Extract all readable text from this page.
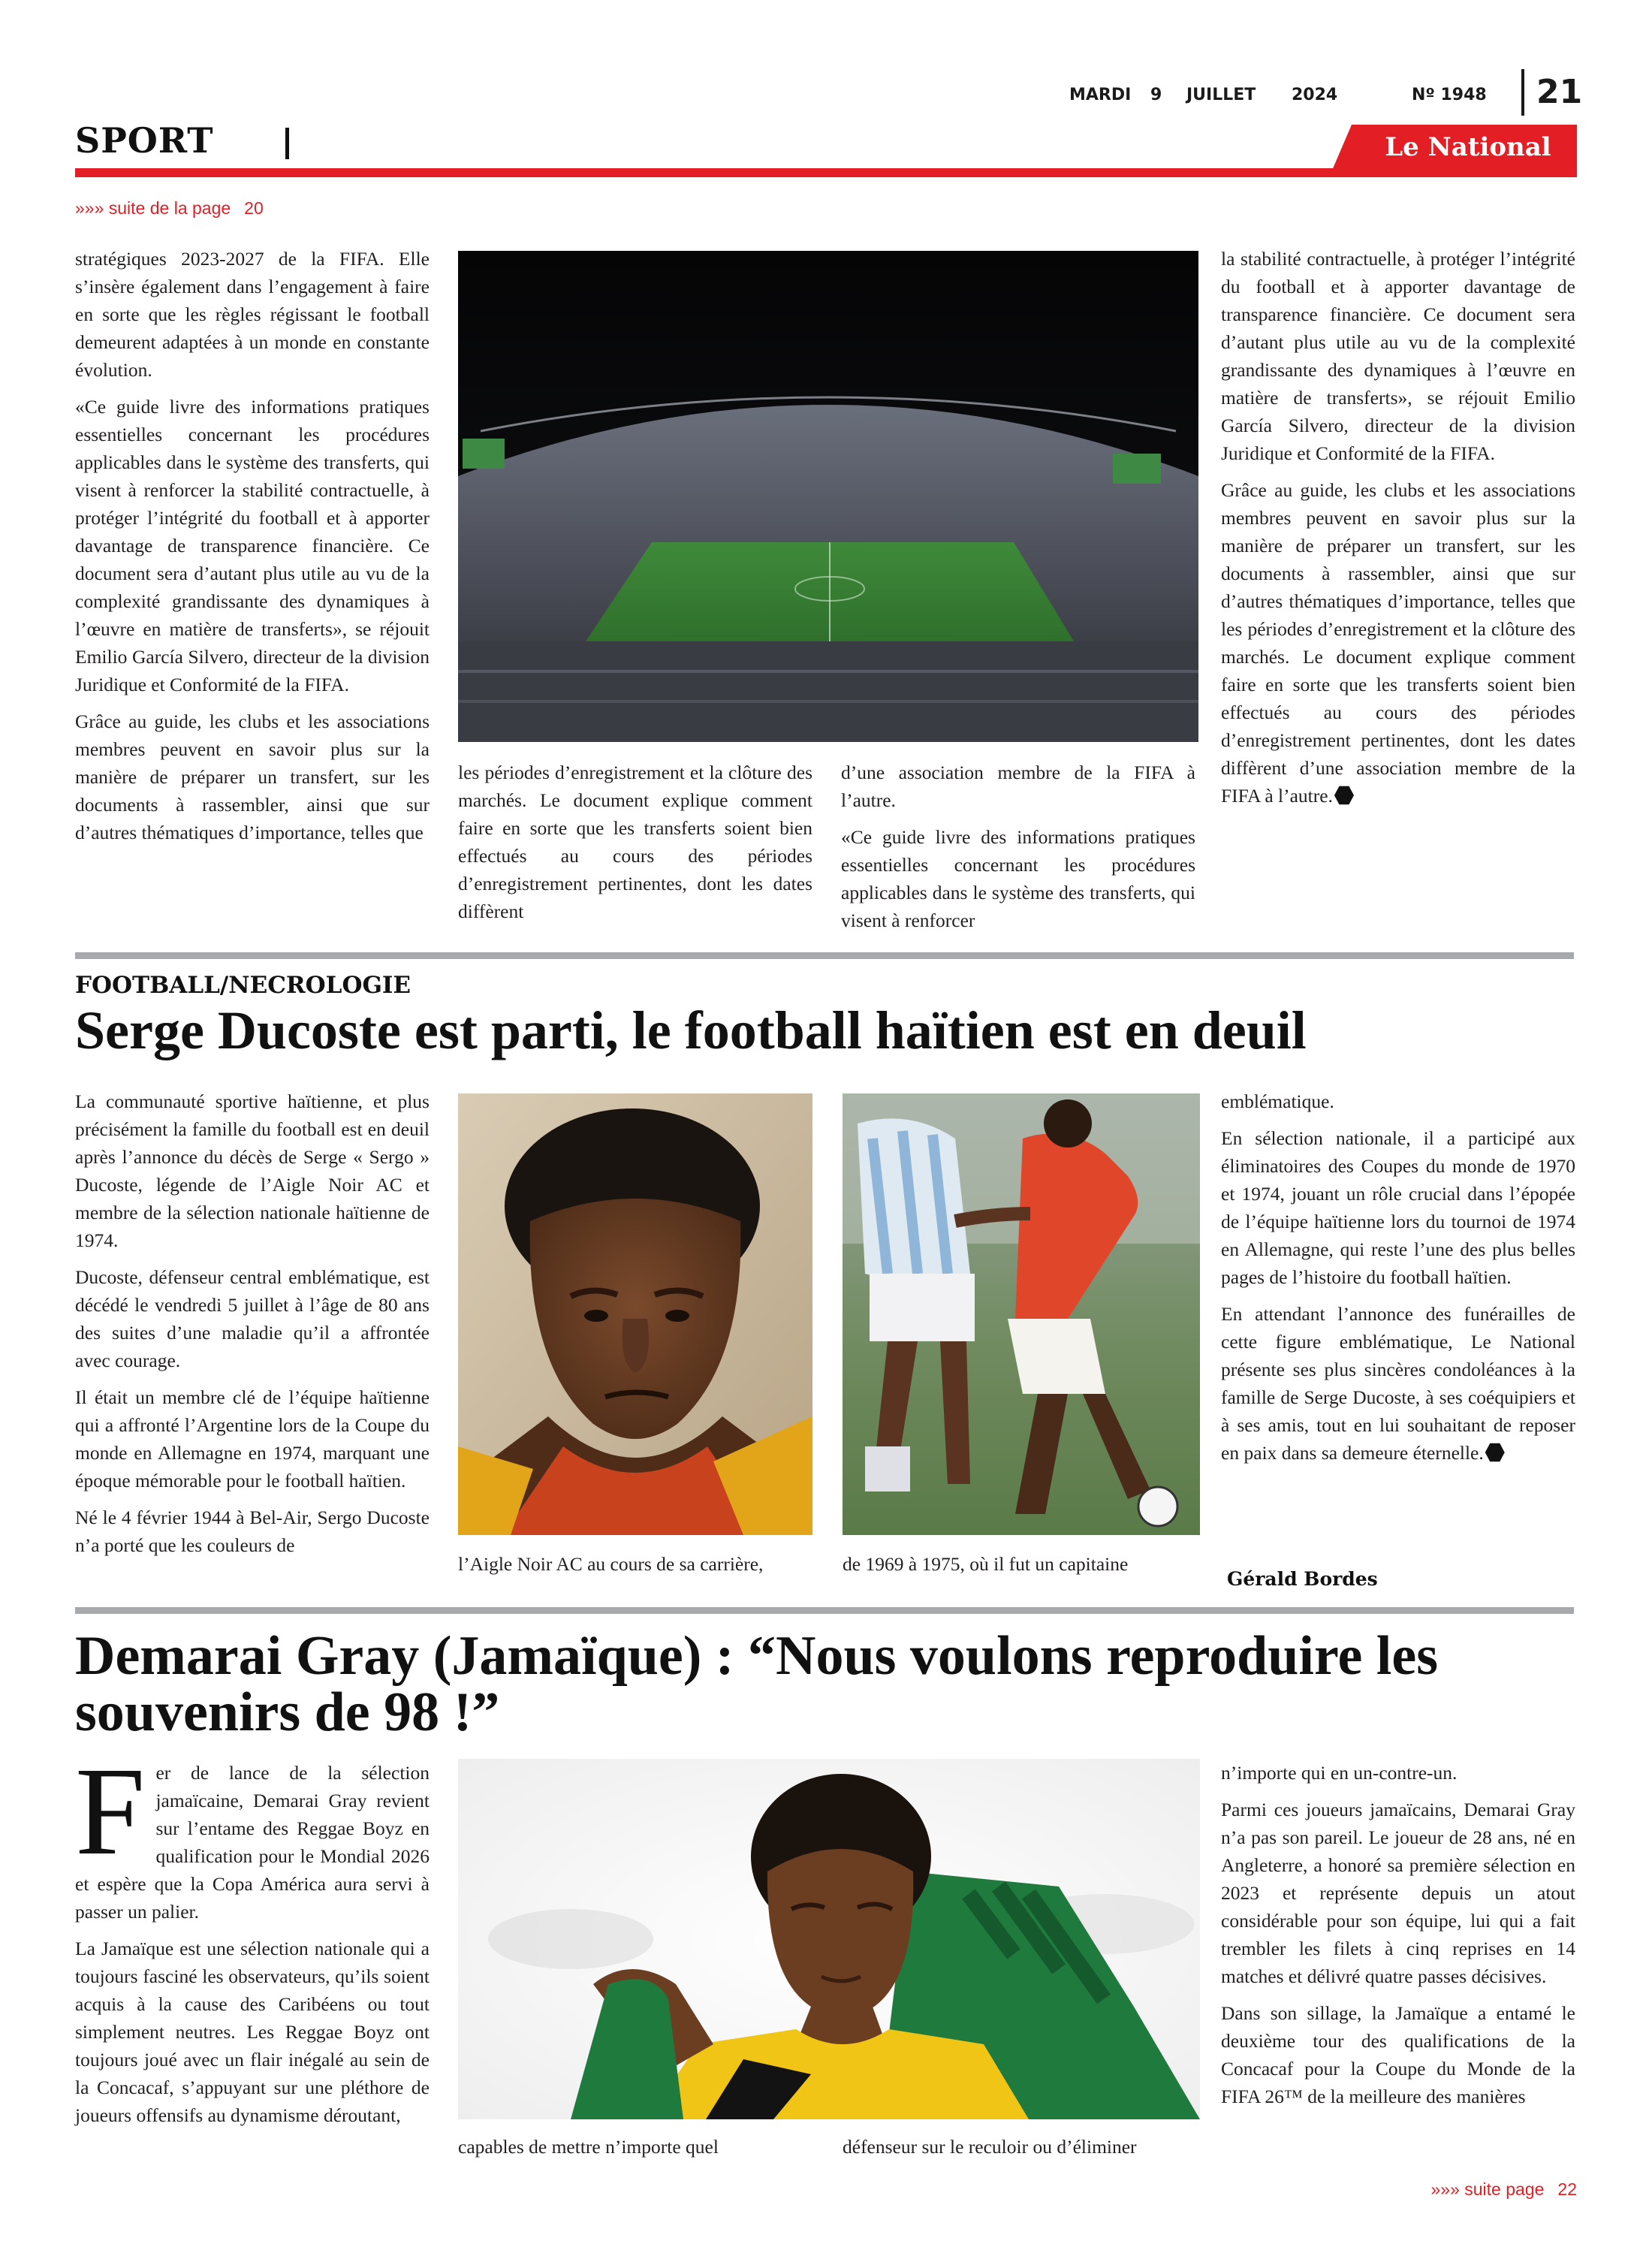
MARDI 9 JUILLET 2024	Nº 1948	21
SPORT	Le National
»»» suite de la page 20

stratégiques 2023-2027 de la FIFA. Elle s’insère également dans l’engagement à faire en sorte que les règles régissant le football demeurent adaptées à un monde en constante évolution.

«Ce guide livre des informations pratiques essentielles concernant les procédures applicables dans le système des transferts, qui visent à renforcer la stabilité contractuelle, à protéger l’intégrité du football et à apporter davantage de transparence financière. Ce document sera d’autant plus utile au vu de la complexité grandissante des dynamiques à l’œuvre en matière de transferts», se réjouit Emilio García Silvero, directeur de la division Juridique et Conformité de la FIFA.

Grâce au guide, les clubs et les associations membres peuvent en savoir plus sur la manière de préparer un transfert, sur les documents à rassembler, ainsi que sur d’autres thématiques d’importance, telles que

les périodes d’enregistrement et la clôture des marchés. Le document explique comment faire en sorte que les transferts soient bien effectués au cours des périodes d’enregistrement pertinentes, dont les dates diffèrent

d’une association membre de la FIFA à l’autre.

«Ce guide livre des informations pratiques essentielles concernant les procédures applicables dans le système des transferts, qui visent à renforcer

la stabilité contractuelle, à protéger l’intégrité du football et à apporter davantage de transparence financière. Ce document sera d’autant plus utile au vu de la complexité grandissante des dynamiques à l’œuvre en matière de transferts», se réjouit Emilio García Silvero, directeur de la division Juridique et Conformité de la FIFA.

Grâce au guide, les clubs et les associations membres peuvent en savoir plus sur la manière de préparer un transfert, sur les documents à rassembler, ainsi que sur d’autres thématiques d’importance, telles que les périodes d’enregistrement et la clôture des marchés. Le document explique comment faire en sorte que les transferts soient bien effectués au cours des périodes d’enregistrement pertinentes, dont les dates diffèrent d’une association membre de la FIFA à l’autre.

FOOTBALL/NECROLOGIE
Serge Ducoste est parti, le football haïtien est en deuil

La communauté sportive haïtienne, et plus précisément la famille du football est en deuil après l’annonce du décès de Serge « Sergo » Ducoste, légende de l’Aigle Noir AC et membre de la sélection nationale haïtienne de 1974.

Ducoste, défenseur central emblématique, est décédé le vendredi 5 juillet à l’âge de 80 ans des suites d’une maladie qu’il a affrontée avec courage.

Il était un membre clé de l’équipe haïtienne qui a affronté l’Argentine lors de la Coupe du monde en Allemagne en 1974, marquant une époque mémorable pour le football haïtien.

Né le 4 février 1944 à Bel-Air, Sergo Ducoste n’a porté que les couleurs de

l’Aigle Noir AC au cours de sa carrière,	de 1969 à 1975, où il fut un capitaine

emblématique.

En sélection nationale, il a participé aux éliminatoires des Coupes du monde de 1970 et 1974, jouant un rôle crucial dans l’épopée de l’équipe haïtienne lors du tournoi de 1974 en Allemagne, qui reste l’une des plus belles pages de l’histoire du football haïtien.

En attendant l’annonce des funérailles de cette figure emblématique, Le National présente ses plus sincères condoléances à la famille de Serge Ducoste, à ses coéquipiers et à ses amis, tout en lui souhaitant de reposer en paix dans sa demeure éternelle.

Gérald Bordes
Demarai Gray (Jamaïque) : “Nous voulons reproduire les souvenirs de 98 !”

Fer de lance de la sélection jamaïcaine, Demarai Gray revient sur l’entame des Reggae Boyz en qualification pour le Mondial 2026 et espère que la Copa América aura servi à passer un palier.

La Jamaïque est une sélection nationale qui a toujours fasciné les observateurs, qu’ils soient acquis à la cause des Caribéens ou tout simplement neutres. Les Reggae Boyz ont toujours joué avec un flair inégalé au sein de la Concacaf, s’appuyant sur une pléthore de joueurs offensifs au dynamisme déroutant,

capables de mettre n’importe quel	défenseur sur le reculoir ou d’éliminer

n’importe qui en un-contre-un.

Parmi ces joueurs jamaïcains, Demarai Gray n’a pas son pareil. Le joueur de 28 ans, né en Angleterre, a honoré sa première sélection en 2023 et représente depuis un atout considérable pour son équipe, lui qui a fait trembler les filets à cinq reprises en 14 matches et délivré quatre passes décisives.

Dans son sillage, la Jamaïque a entamé le deuxième tour des qualifications de la Concacaf pour la Coupe du Monde de la FIFA 26™ de la meilleure des manières

»»» suite page 22
